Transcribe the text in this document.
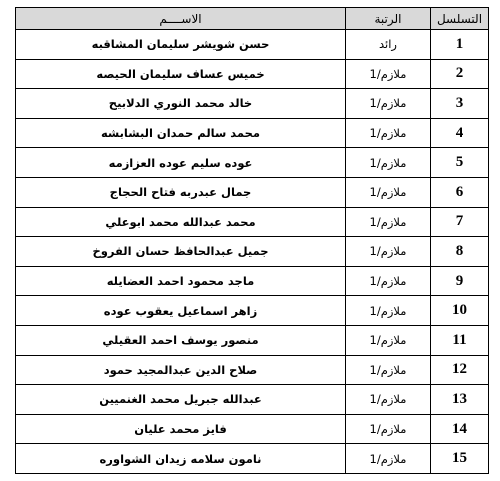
التسلسل	الرتبة	الاســــم
1	رائد	حسن شويشر سليمان المشاقبه
2	ملازم/1	خميس عساف سليمان الحيصه
3	ملازم/1	خالد محمد النوري الدلابيح
4	ملازم/1	محمد سالم حمدان البشابشه
5	ملازم/1	عوده سليم عوده العزازمه
6	ملازم/1	جمال عبدربه فتاح الحجاج
7	ملازم/1	محمد عبدالله محمد ابوعلي
8	ملازم/1	جميل عبدالحافظ حسان الفروخ
9	ملازم/1	ماجد محمود احمد العضايله
10	ملازم/1	زاهر اسماعيل يعقوب عوده
11	ملازم/1	منصور يوسف احمد العقيلي
12	ملازم/1	صلاح الدين عبدالمجيد حمود
13	ملازم/1	عبدالله جبريل محمد الغنميين
14	ملازم/1	فايز محمد عليان
15	ملازم/1	نامون سلامه زيدان الشواوره
